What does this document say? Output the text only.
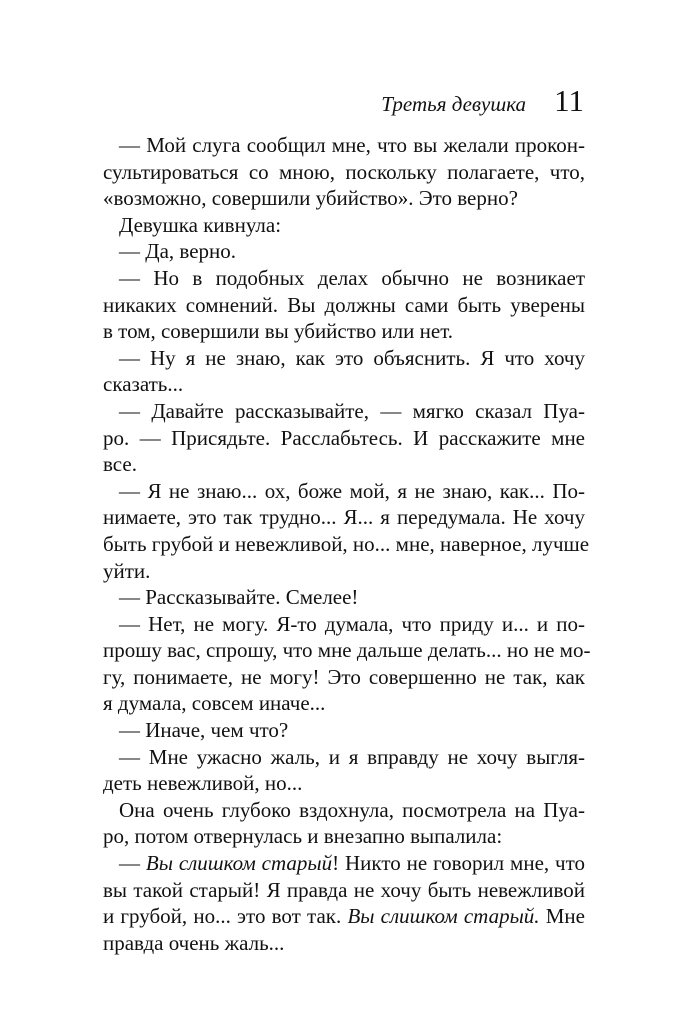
Третья девушка 11

— Мой слуга сообщил мне, что вы желали прокон-
сультироваться со мною, поскольку полагаете, что,
«возможно, совершили убийство». Это верно?

Девушка кивнула:

— Да, верно.

— Но в подобных делах обычно не возникает
никаких сомнений. Вы должны сами быть уверены
в том, совершили вы убийство или нет.

— Ну я не знаю, как это объяснить. Я что хочу
сказать...

— Давайте рассказывайте, — мягко сказал Пуа-
ро. — Присядьте. Расслабьтесь. И расскажите мне
все.

— Я не знаю... ох, боже мой, я не знаю, как... По-
нимаете, это так трудно... Я... я передумала. Не хочу
быть грубой и невежливой, но... мне, наверное, лучше
уйти.

— Рассказывайте. Смелее!

— Нет, не могу. Я-то думала, что приду и... и по-
прошу вас, спрошу, что мне дальше делать... но не мо-
гу, понимаете, не могу! Это совершенно не так, как
я думала, совсем иначе...

— Иначе, чем что?

— Мне ужасно жаль, и я вправду не хочу выгля-
деть невежливой, но...

Она очень глубоко вздохнула, посмотрела на Пуа-
ро, потом отвернулась и внезапно выпалила:

— Вы слишком старый! Никто не говорил мне, что
вы такой старый! Я правда не хочу быть невежливой
и грубой, но... это вот так. Вы слишком старый. Мне
правда очень жаль...
